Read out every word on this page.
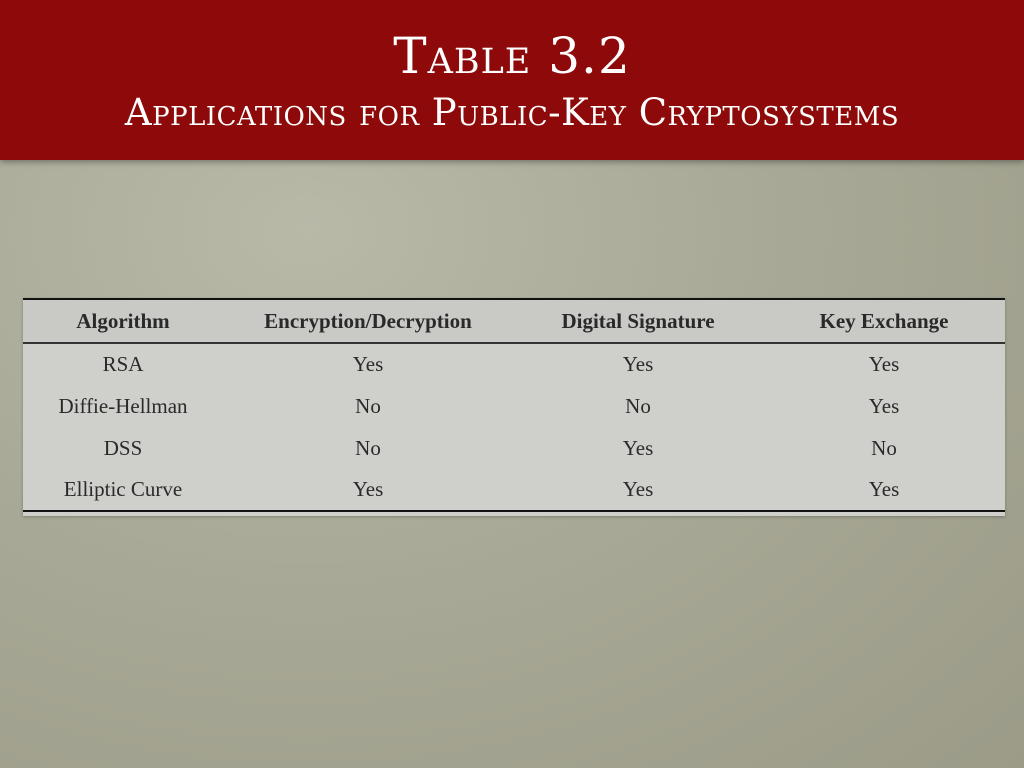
Table 3.2
Applications for Public-Key Cryptosystems
Algorithm	Encryption/Decryption	Digital Signature	Key Exchange
RSA	Yes	Yes	Yes
Diffie-Hellman	No	No	Yes
DSS	No	Yes	No
Elliptic Curve	Yes	Yes	Yes
